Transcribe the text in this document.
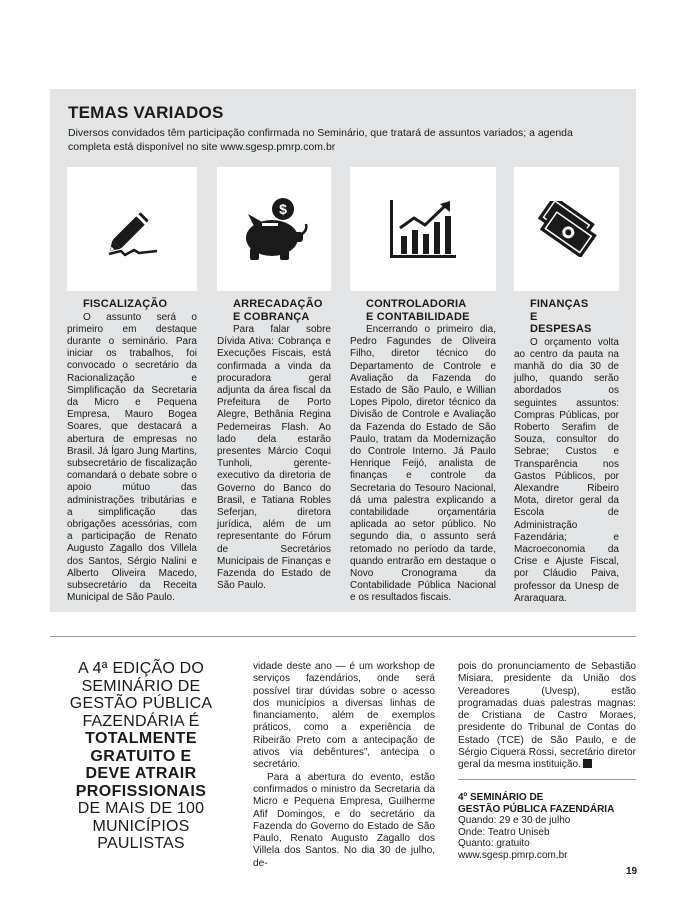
TEMAS VARIADOS
Diversos convidados têm participação confirmada no Seminário, que tratará de assuntos variados; a agenda completa está disponível no site www.sgesp.pmrp.com.br
$
FISCALIZAÇÃO
O assunto será o primeiro em destaque durante o seminário. Para iniciar os trabalhos, foi convocado o secretário da Racionalização e Simplificação da Secretaria da Micro e Pequena Empresa, Mauro Bogea Soares, que destacará a abertura de empresas no Brasil. Já Ígaro Jung Martins, subsecretário de fiscalização comandará o debate sobre o apoio mútuo das administrações tributárias e a simplificação das obrigações acessórias, com a participação de Renato Augusto Zagallo dos Villela dos Santos, Sérgio Nalini e Alberto Oliveira Macedo, subsecretário da Receita Municipal de São Paulo.
ARRECADAÇÃO E COBRANÇA
Para falar sobre Dívida Ativa: Cobrança e Execuções Fiscais, está confirmada a vinda da procuradora geral adjunta da área fiscal da Prefeitura de Porto Alegre, Bethânia Regina Pederneiras Flash. Ao lado dela estarão presentes Márcio Coqui Tunholi, gerente-executivo da diretoria de Governo do Banco do Brasil, e Tatiana Robles Seferjan, diretora jurídica, além de um representante do Fórum de Secretários Municipais de Finanças e Fazenda do Estado de São Paulo.
CONTROLADORIA E CONTABILIDADE
Encerrando o primeiro dia, Pedro Fagundes de Oliveira Filho, diretor técnico do Departamento de Controle e Avaliação da Fazenda do Estado de São Paulo, e Willian Lopes Pipolo, diretor técnico da Divisão de Controle e Avaliação da Fazenda do Estado de São Paulo, tratam da Modernização do Controle Interno. Já Paulo Henrique Feijó, analista de finanças e controle da Secretaria do Tesouro Nacional, dá uma palestra explicando a contabilidade orçamentária aplicada ao setor público. No segundo dia, o assunto será retomado no período da tarde, quando entrarão em destaque o Novo Cronograma da Contabilidade Pública Nacional e os resultados fiscais.
FINANÇAS E DESPESAS
O orçamento volta ao centro da pauta na manhã do dia 30 de julho, quando serão abordados os seguintes assuntos: Compras Públicas, por Roberto Serafim de Souza, consultor do Sebrae; Custos e Transparência nos Gastos Públicos, por Alexandre Ribeiro Mota, diretor geral da Escola de Administração Fazendária; e Macroeconomia da Crise e Ajuste Fiscal, por Cláudio Paiva, professor da Unesp de Araraquara.
A 4ª EDIÇÃO DO SEMINÁRIO DE GESTÃO PÚBLICA FAZENDÁRIA É
TOTALMENTE GRATUITO E DEVE ATRAIR PROFISSIONAIS
DE MAIS DE 100 MUNICÍPIOS PAULISTAS

vidade deste ano — é um workshop de serviços fazendários, onde será possível tirar dúvidas sobre o acesso dos municípios a diversas linhas de financiamento, além de exemplos práticos, como a experiência de Ribeirão Preto com a antecipação de ativos via debêntures”, antecipa o secretário.

Para a abertura do evento, estão confirmados o ministro da Secretaria da Micro e Pequena Empresa, Guilherme Afif Domingos, e do secretário da Fazenda do Governo do Estado de São Paulo, Renato Augusto Zagallo dos Villela dos Santos. No dia 30 de julho, de-

pois do pronunciamento de Sebastião Misiara, presidente da União dos Vereadores (Uvesp), estão programadas duas palestras magnas: de Cristiana de Castro Moraes, presidente do Tribunal de Contas do Estado (TCE) de São Paulo, e de Sérgio Ciquera Rossi, secretário diretor geral da mesma instituição.

4º SEMINÁRIO DE
GESTÃO PÚBLICA FAZENDÁRIA
Quando: 29 e 30 de julho
Onde: Teatro Uniseb
Quanto: gratuito
www.sgesp.pmrp.com.br
19
